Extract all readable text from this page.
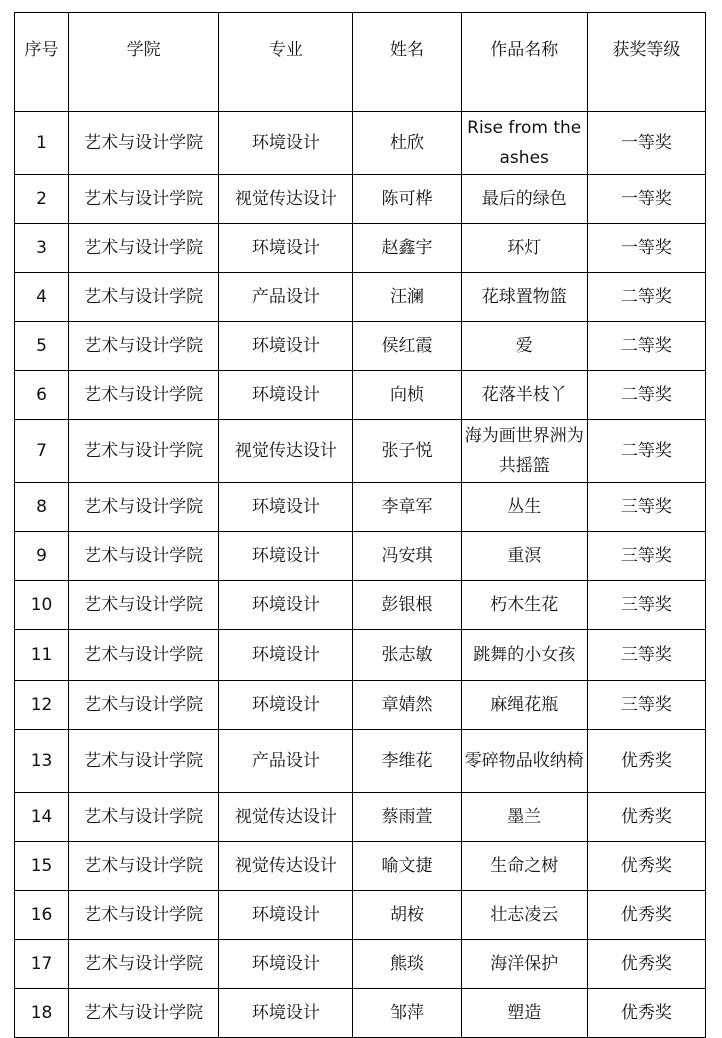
序号	学院	专业	姓名	作品名称	获奖等级
1	艺术与设计学院	环境设计	杜欣	Rise from the ashes	一等奖
2	艺术与设计学院	视觉传达设计	陈可桦	最后的绿色	一等奖
3	艺术与设计学院	环境设计	赵鑫宇	环灯	一等奖
4	艺术与设计学院	产品设计	汪澜	花球置物篮	二等奖
5	艺术与设计学院	环境设计	侯红霞	爱	二等奖
6	艺术与设计学院	环境设计	向桢	花落半枝丫	二等奖
7	艺术与设计学院	视觉传达设计	张子悦	海为画世界洲为共摇篮	二等奖
8	艺术与设计学院	环境设计	李章军	丛生	三等奖
9	艺术与设计学院	环境设计	冯安琪	重溟	三等奖
10	艺术与设计学院	环境设计	彭银根	朽木生花	三等奖
11	艺术与设计学院	环境设计	张志敏	跳舞的小女孩	三等奖
12	艺术与设计学院	环境设计	章婧然	麻绳花瓶	三等奖
13	艺术与设计学院	产品设计	李维花	零碎物品收纳椅	优秀奖
14	艺术与设计学院	视觉传达设计	蔡雨萱	墨兰	优秀奖
15	艺术与设计学院	视觉传达设计	喻文捷	生命之树	优秀奖
16	艺术与设计学院	环境设计	胡桉	壮志凌云	优秀奖
17	艺术与设计学院	环境设计	熊琰	海洋保护	优秀奖
18	艺术与设计学院	环境设计	邹萍	塑造	优秀奖
